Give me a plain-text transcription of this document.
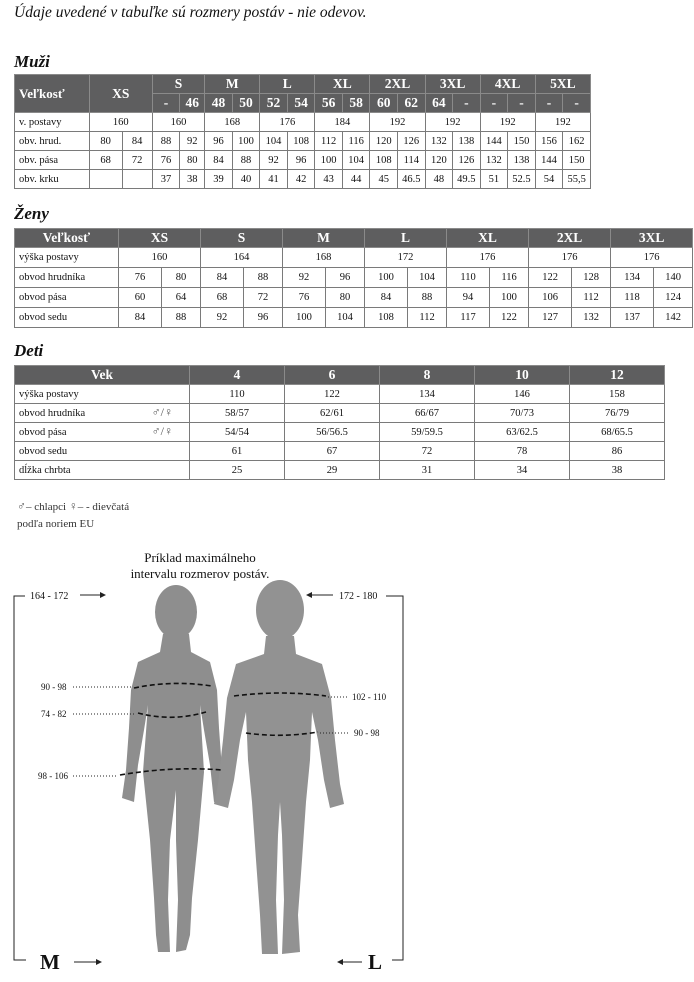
Údaje uvedené v tabuľke sú rozmery postáv - nie odevov.
Muži
Veľkosť	XS		S		M		L		XL		2XL		3XL		4XL		5XL	
			-	46	48	50	52	54	56	58	60	62	64	-	-	-	-	-
v. postavy	160		160		168		176		184		192		192		192		192	
obv. hrud.	80	84	88	92	96	100	104	108	112	116	120	126	132	138	144	150	156	162
obv. pása	68	72	76	80	84	88	92	96	100	104	108	114	120	126	132	138	144	150
obv. krku			37	38	39	40	41	42	43	44	45	46.5	48	49.5	51	52.5	54	55,5
Ženy
Veľkosť	XS		S		M		L		XL		2XL		3XL	
výška postavy	160		164		168		172		176		176		176	
obvod hrudníka	76	80	84	88	92	96	100	104	110	116	122	128	134	140
obvod pása	60	64	68	72	76	80	84	88	94	100	106	112	118	124
obvod sedu	84	88	92	96	100	104	108	112	117	122	127	132	137	142
Deti
Vek	4	6	8	10	12
výška postavy	110	122	134	146	158
obvod hrudníka ♂/♀	58/57	62/61	66/67	70/73	76/79
obvod pása ♂/♀	54/54	56/56.5	59/59.5	63/62.5	68/65.5
obvod sedu	61	67	72	78	86
dĺžka chrbta	25	29	31	34	38
♂– chlapci ♀– - dievčatá
podľa noriem EU
Príklad maximálneho
intervalu rozmerov postáv.
164 - 172	172 - 180
90 - 98
74 - 82
98 - 106
102 - 110
90 - 98
M	L
